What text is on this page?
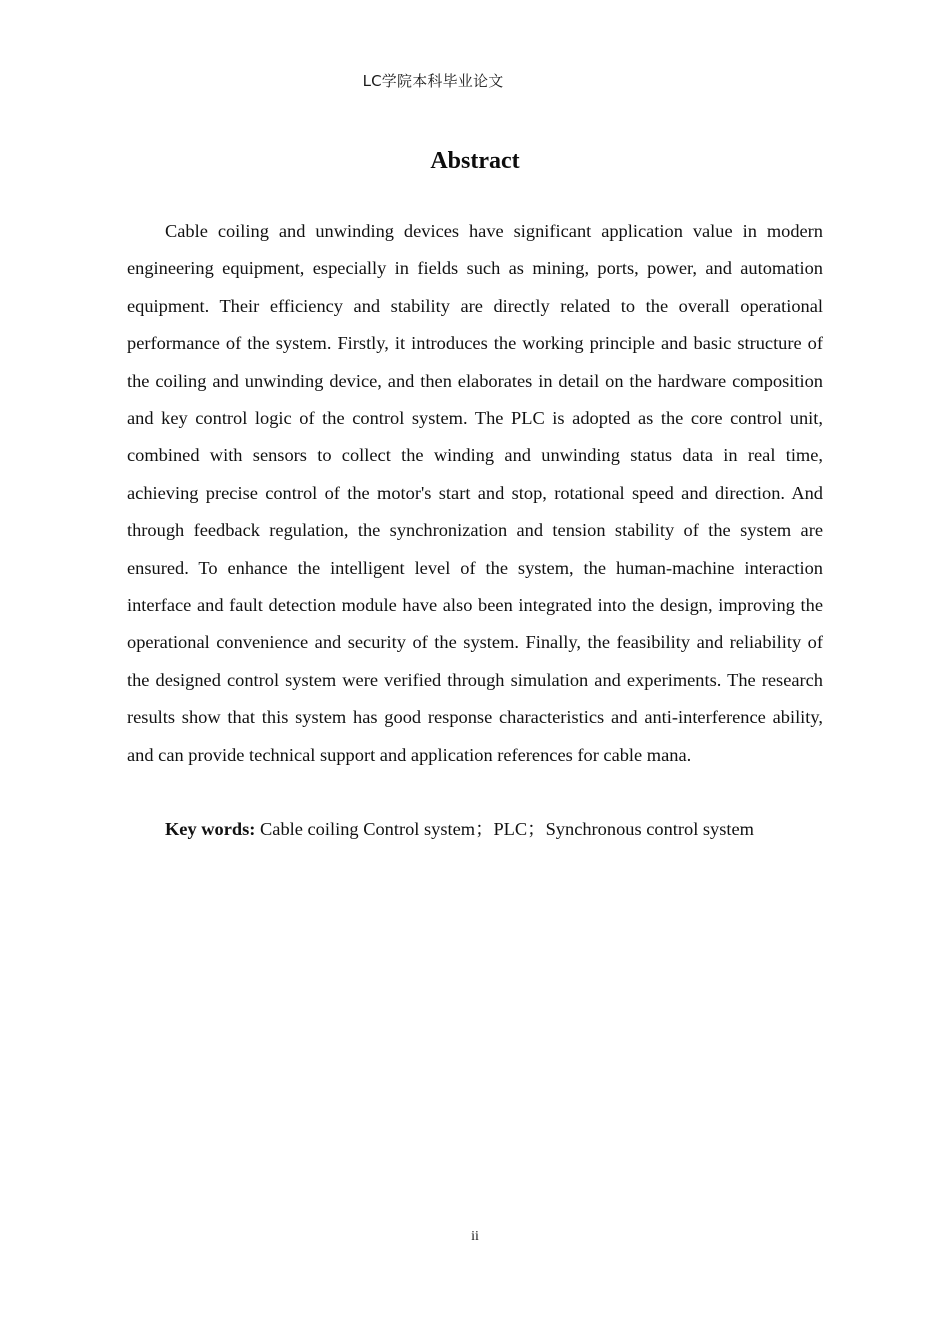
LC学院本科毕业论文
Abstract

Cable coiling and unwinding devices have significant application value in modern engineering equipment, especially in fields such as mining, ports, power, and automation equipment. Their efficiency and stability are directly related to the overall operational performance of the system. Firstly, it introduces the working principle and basic structure of the coiling and unwinding device, and then elaborates in detail on the hardware composition and key control logic of the control system. The PLC is adopted as the core control unit, combined with sensors to collect the winding and unwinding status data in real time, achieving precise control of the motor's start and stop, rotational speed and direction. And through feedback regulation, the synchronization and tension stability of the system are ensured. To enhance the intelligent level of the system, the human-machine interaction interface and fault detection module have also been integrated into the design, improving the operational convenience and security of the system. Finally, the feasibility and reliability of the designed control system were verified through simulation and experiments. The research results show that this system has good response characteristics and anti-interference ability, and can provide technical support and application references for cable mana.

Key words: Cable coiling Control system；PLC；Synchronous control system

ii
